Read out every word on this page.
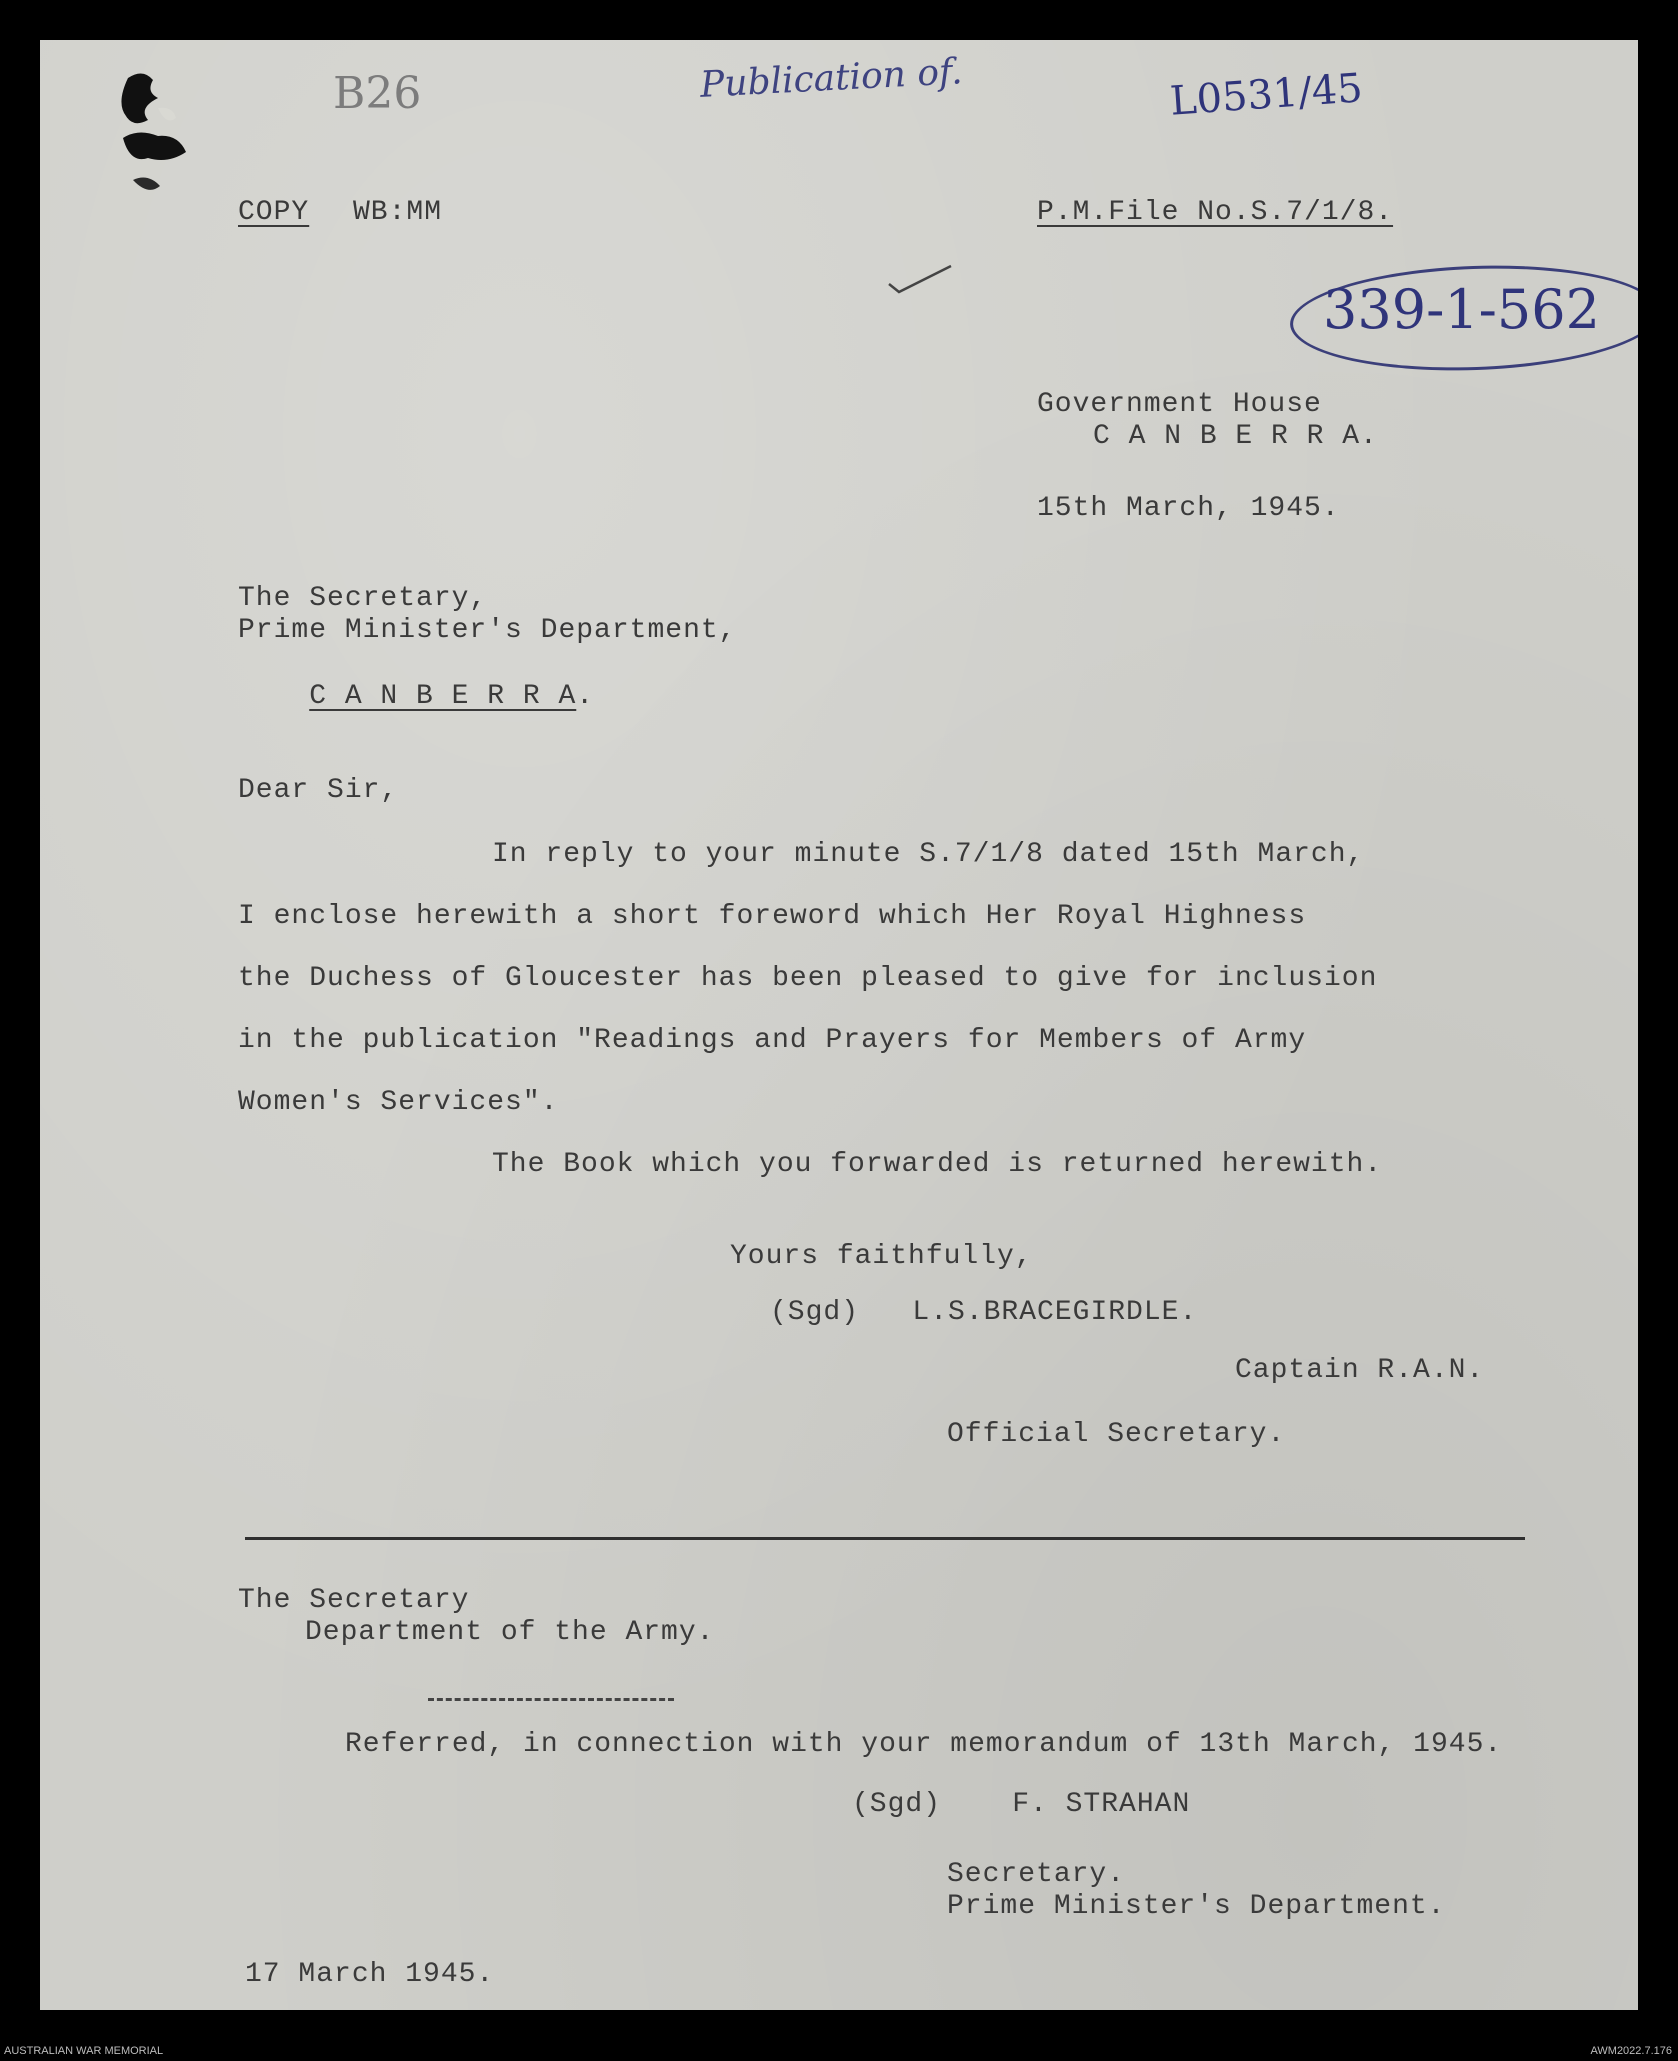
B26	Publication of.	L0531/45
339-1-562
COPY WB:MM	P.M.File No.S.7/1/8.
Government House
C A N B E R R A.
15th March, 1945.
The Secretary,
Prime Minister's Department,

C A N B E R R A.

Dear Sir,
In reply to your minute S.7/1/8 dated 15th March,
I enclose herewith a short foreword which Her Royal Highness
the Duchess of Gloucester has been pleased to give for inclusion
in the publication "Readings and Prayers for Members of Army
Women's Services".
The Book which you forwarded is returned herewith.
Yours faithfully,
(Sgd)   L.S.BRACEGIRDLE.
Captain R.A.N.
Official Secretary.
The Secretary
Department of the Army.
Referred, in connection with your memorandum of 13th March, 1945.
(Sgd)    F. STRAHAN
Secretary.
Prime Minister's Department.
17 March 1945.
AUSTRALIAN WAR MEMORIAL	AWM2022.7.176
